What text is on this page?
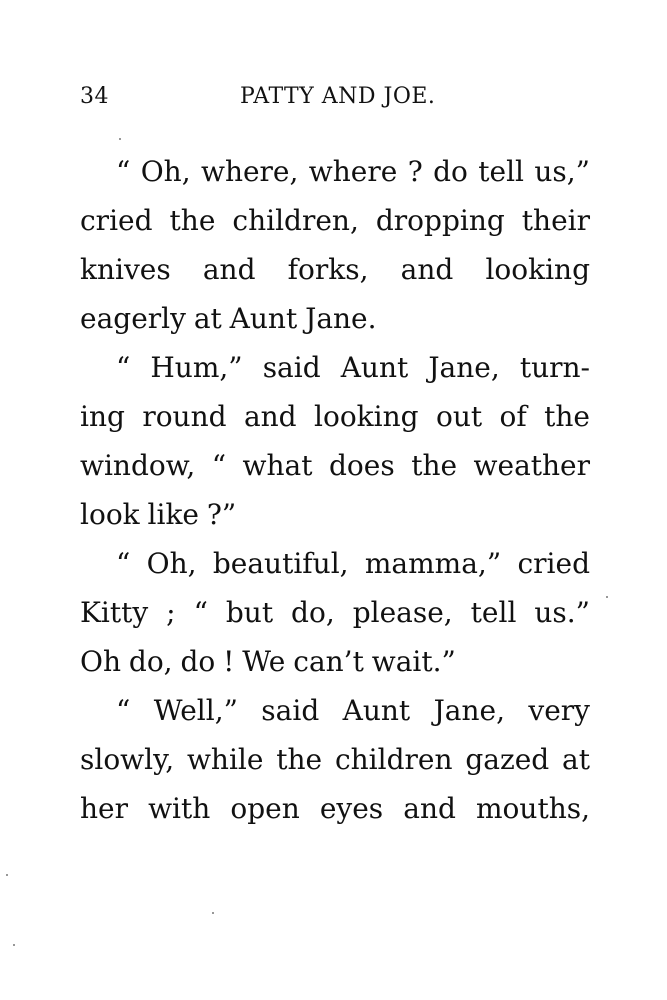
34	PATTY AND JOE.
“ Oh, where, where ? do tell us,”
cried the children, dropping their
knives and forks, and looking
eagerly at Aunt Jane.
“ Hum,” said Aunt Jane, turn-
ing round and looking out of the
window, “ what does the weather
look like ?”
“ Oh, beautiful, mamma,” cried
Kitty ; “ but do, please, tell us.”
Oh do, do ! We can’t wait.”
“ Well,” said Aunt Jane, very
slowly, while the children gazed at
her with open eyes and mouths,
